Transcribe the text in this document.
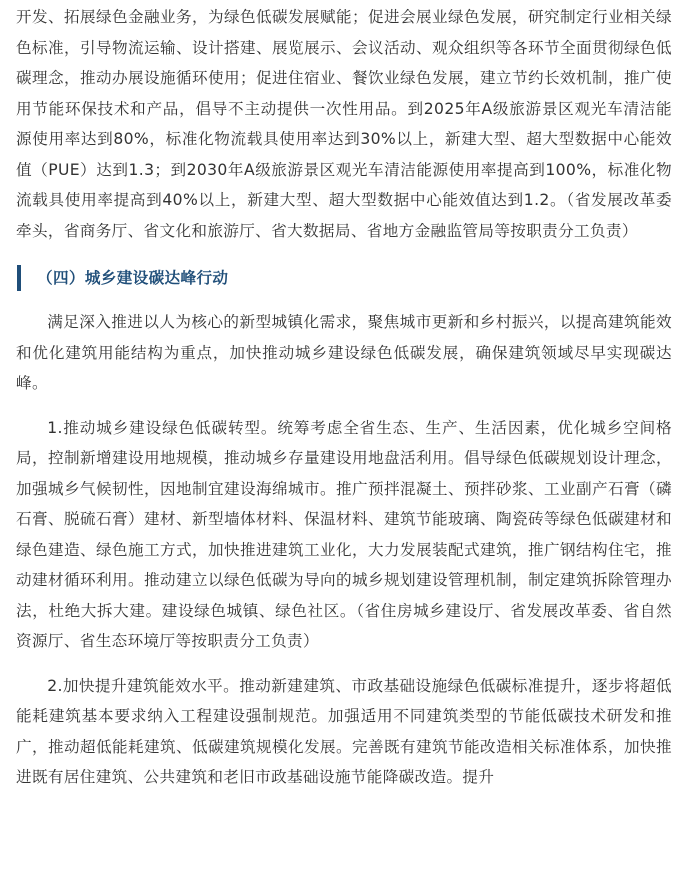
开发、拓展绿色金融业务，为绿色低碳发展赋能；促进会展业绿色发展，研究制定行业相关绿色标准，引导物流运输、设计搭建、展览展示、会议活动、观众组织等各环节全面贯彻绿色低碳理念，推动办展设施循环使用；促进住宿业、餐饮业绿色发展，建立节约长效机制，推广使用节能环保技术和产品，倡导不主动提供一次性用品。到2025年A级旅游景区观光车清洁能源使用率达到80%，标准化物流载具使用率达到30%以上，新建大型、超大型数据中心能效值（PUE）达到1.3；到2030年A级旅游景区观光车清洁能源使用率提高到100%，标准化物流载具使用率提高到40%以上，新建大型、超大型数据中心能效值达到1.2。（省发展改革委牵头，省商务厅、省文化和旅游厅、省大数据局、省地方金融监管局等按职责分工负责）

（四）城乡建设碳达峰行动

满足深入推进以人为核心的新型城镇化需求，聚焦城市更新和乡村振兴，以提高建筑能效和优化建筑用能结构为重点，加快推动城乡建设绿色低碳发展，确保建筑领域尽早实现碳达峰。

1.推动城乡建设绿色低碳转型。统筹考虑全省生态、生产、生活因素，优化城乡空间格局，控制新增建设用地规模，推动城乡存量建设用地盘活利用。倡导绿色低碳规划设计理念，加强城乡气候韧性，因地制宜建设海绵城市。推广预拌混凝土、预拌砂浆、工业副产石膏（磷石膏、脱硫石膏）建材、新型墙体材料、保温材料、建筑节能玻璃、陶瓷砖等绿色低碳建材和绿色建造、绿色施工方式，加快推进建筑工业化，大力发展装配式建筑，推广钢结构住宅，推动建材循环利用。推动建立以绿色低碳为导向的城乡规划建设管理机制，制定建筑拆除管理办法，杜绝大拆大建。建设绿色城镇、绿色社区。（省住房城乡建设厅、省发展改革委、省自然资源厅、省生态环境厅等按职责分工负责）

2.加快提升建筑能效水平。推动新建建筑、市政基础设施绿色低碳标准提升，逐步将超低能耗建筑基本要求纳入工程建设强制规范。加强适用不同建筑类型的节能低碳技术研发和推广，推动超低能耗建筑、低碳建筑规模化发展。完善既有建筑节能改造相关标准体系，加快推进既有居住建筑、公共建筑和老旧市政基础设施节能降碳改造。提升
